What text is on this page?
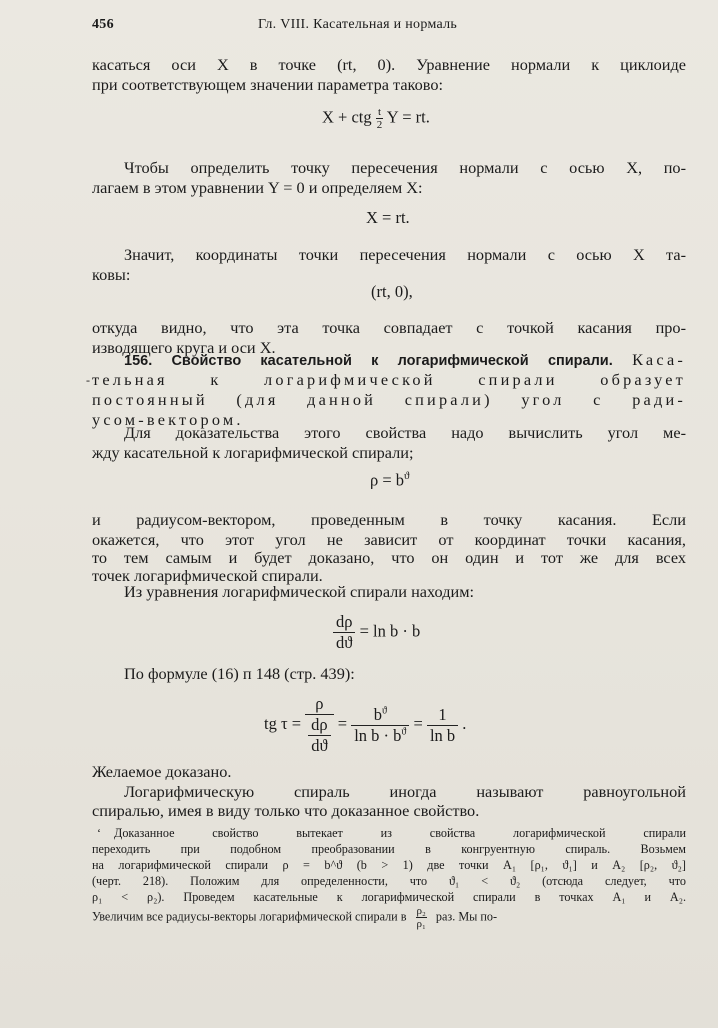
456	Гл. VIII. Касательная и нормаль
касаться оси X в точке (rt, 0). Уравнение нормали к циклоиде
при соответствующем значении параметра таково:
X + ctg $\frac{t}{2}$ Y = rt.
Чтобы определить точку пересечения нормали с осью X, по-
лагаем в этом уравнении Y = 0 и определяем X:
X = rt.
Значит, координаты точки пересечения нормали с осью X та-
ковы:
(rt, 0),
откуда видно, что эта точка совпадает с точкой касания про-
изводящего круга и оси X.
-
156. Свойство касательной к логарифмической спирали. Каса-
тельная к логарифмической спирали образует
постоянный (для данной спирали) угол с ради-
усом-вектором.
Для доказательства этого свойства надо вычислить угол ме-
жду касательной к логарифмической спирали;
$\rho = b^ϑ$
и радиусом-вектором, проведенным в точку касания. Если
окажется, что этот угол не зависит от координат точки касания,
то тем самым и будет доказано, что он один и тот же для всех
точек логарифмической спирали.
Из уравнения логарифмической спирали находим:
$\frac{d\rho}{dϑ} = \ln b \cdot b$
По формуле (16) п 148 (стр. 439):
tg $\tau = \frac{\rho}{\frac{d\rho}{dϑ}} = \frac{b^ϑ}{\ln b \cdot b^ϑ} = \frac{1}{\text{ln b}}$ .
Желаемое доказано.
Логарифмическую спираль иногда называют равноугольной
спиралью, имея в виду только что доказанное свойство.
‘ Доказанное свойство вытекает из свойства логарифмической спирали
переходить при подобном преобразовании в конгруентную спираль. Возьмем
на логарифмической спирали ρ = b^ϑ (b > 1) две точки A₁ [ρ₁, ϑ₁] и A₂ [ρ₂, ϑ₂]
(черт. 218). Положим для определенности, что ϑ₁ < ϑ₂ (отсюда следует, что
ρ₁ < ρ₂). Проведем касательные к логарифмической спирали в точках A₁ и A₂.
Увеличим все радиусы-векторы логарифмической спирали в $\frac{\text{ρ₂}}{\text{ρ₁}}$ раз. Мы по-
